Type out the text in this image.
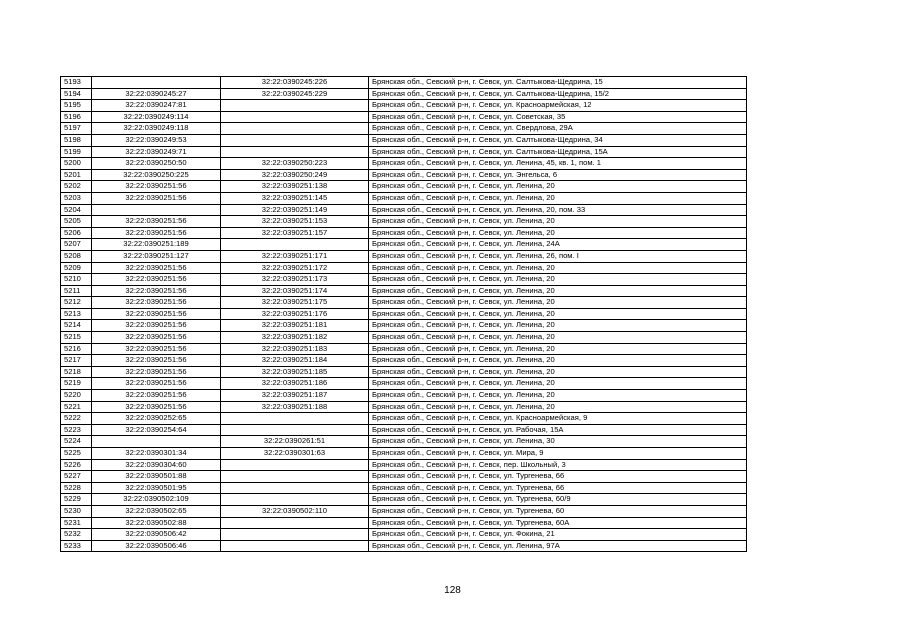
5193		32:22:0390245:226	Брянская обл., Севский р-н, г. Севск, ул. Салтыкова-Щедрина, 15
5194	32:22:0390245:27	32:22:0390245:229	Брянская обл., Севский р-н, г. Севск, ул. Салтыкова-Щедрина, 15/2
5195	32:22:0390247:81		Брянская обл., Севский р-н, г. Севск, ул. Красноармейская, 12
5196	32:22:0390249:114		Брянская обл., Севский р-н, г. Севск, ул. Советская, 35
5197	32:22:0390249:118		Брянская обл., Севский р-н, г. Севск, ул. Свердлова, 29А
5198	32:22:0390249:53		Брянская обл., Севский р-н, г. Севск, ул. Салтыкова-Щедрина, 34
5199	32:22:0390249:71		Брянская обл., Севский р-н, г. Севск, ул. Салтыкова-Щедрина, 15А
5200	32:22:0390250:50	32:22:0390250:223	Брянская обл., Севский р-н, г. Севск, ул. Ленина, 45, кв. 1, пом. 1
5201	32:22:0390250:225	32:22:0390250:249	Брянская обл., Севский р-н, г. Севск, ул. Энгельса, 6
5202	32:22:0390251:56	32:22:0390251:138	Брянская обл., Севский р-н, г. Севск, ул. Ленина, 20
5203	32:22:0390251:56	32:22:0390251:145	Брянская обл., Севский р-н, г. Севск, ул. Ленина, 20
5204		32:22:0390251:149	Брянская обл., Севский р-н, г. Севск, ул. Ленина, 20, пом. 33
5205	32:22:0390251:56	32:22:0390251:153	Брянская обл., Севский р-н, г. Севск, ул. Ленина, 20
5206	32:22:0390251:56	32:22:0390251:157	Брянская обл., Севский р-н, г. Севск, ул. Ленина, 20
5207	32:22:0390251:189		Брянская обл., Севский р-н, г. Севск, ул. Ленина, 24А
5208	32:22:0390251:127	32:22:0390251:171	Брянская обл., Севский р-н, г. Севск, ул. Ленина, 26, пом. I
5209	32:22:0390251:56	32:22:0390251:172	Брянская обл., Севский р-н, г. Севск, ул. Ленина, 20
5210	32:22:0390251:56	32:22:0390251:173	Брянская обл., Севский р-н, г. Севск, ул. Ленина, 20
5211	32:22:0390251:56	32:22:0390251:174	Брянская обл., Севский р-н, г. Севск, ул. Ленина, 20
5212	32:22:0390251:56	32:22:0390251:175	Брянская обл., Севский р-н, г. Севск, ул. Ленина, 20
5213	32:22:0390251:56	32:22:0390251:176	Брянская обл., Севский р-н, г. Севск, ул. Ленина, 20
5214	32:22:0390251:56	32:22:0390251:181	Брянская обл., Севский р-н, г. Севск, ул. Ленина, 20
5215	32:22:0390251:56	32:22:0390251:182	Брянская обл., Севский р-н, г. Севск, ул. Ленина, 20
5216	32:22:0390251:56	32:22:0390251:183	Брянская обл., Севский р-н, г. Севск, ул. Ленина, 20
5217	32:22:0390251:56	32:22:0390251:184	Брянская обл., Севский р-н, г. Севск, ул. Ленина, 20
5218	32:22:0390251:56	32:22:0390251:185	Брянская обл., Севский р-н, г. Севск, ул. Ленина, 20
5219	32:22:0390251:56	32:22:0390251:186	Брянская обл., Севский р-н, г. Севск, ул. Ленина, 20
5220	32:22:0390251:56	32:22:0390251:187	Брянская обл., Севский р-н, г. Севск, ул. Ленина, 20
5221	32:22:0390251:56	32:22:0390251:188	Брянская обл., Севский р-н, г. Севск, ул. Ленина, 20
5222	32:22:0390252:65		Брянская обл., Севский р-н, г. Севск, ул. Красноармейская, 9
5223	32:22:0390254:64		Брянская обл., Севский р-н, г. Севск, ул. Рабочая, 15А
5224		32:22:0390261:51	Брянская обл., Севский р-н, г. Севск, ул. Ленина, 30
5225	32:22:0390301:34	32:22:0390301:63	Брянская обл., Севский р-н, г. Севск, ул. Мира, 9
5226	32:22:0390304:60		Брянская обл., Севский р-н, г. Севск, пер. Школьный, 3
5227	32:22:0390501:88		Брянская обл., Севский р-н, г. Севск, ул. Тургенева, 66
5228	32:22:0390501:95		Брянская обл., Севский р-н, г. Севск, ул. Тургенева, 66
5229	32:22:0390502:109		Брянская обл., Севский р-н, г. Севск, ул. Тургенева, 60/9
5230	32:22:0390502:65	32:22:0390502:110	Брянская обл., Севский р-н, г. Севск, ул. Тургенева, 60
5231	32:22:0390502:88		Брянская обл., Севский р-н, г. Севск, ул. Тургенева, 60А
5232	32:22:0390506:42		Брянская обл., Севский р-н, г. Севск, ул. Фокина, 21
5233	32:22:0390506:46		Брянская обл., Севский р-н, г. Севск, ул. Ленина, 97А
128
